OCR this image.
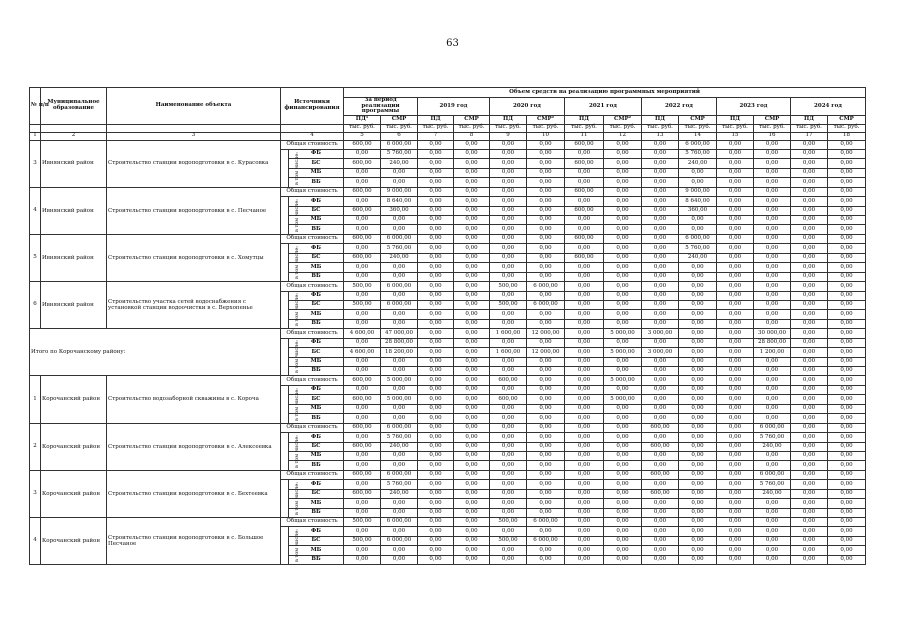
63
№ п/п	Муниципальное образование	Наименование объекта	Источники финансирования		Объем средств на реализацию программных мероприятий													
					За период реализации программы		2019 год		2020 год		2021 год		2022 год		2023 год		2024 год	
					ПД¹	СМР	ПД	СМР	ПД	СМР²	ПД	СМР²	ПД	СМР	ПД	СМР	ПД	СМР
					тыс. руб.	тыс. руб.	тыс. руб.	тыс. руб.	тыс. руб.	тыс. руб.	тыс. руб.	тыс. руб.	тыс. руб.	тыс. руб.	тыс. руб.	тыс. руб.	тыс. руб.	тыс. руб.
1	2	3	4		5	6	7	8	9	10	11	12	13	14	15	16	17	18
3	Ивнянский район	Строительство станции водоподготовки в с. Курасовка	Общая стоимость		600,00	6 000,00	0,00	0,00	0,00	0,00	600,00	0,00	0,00	6 000,00	0,00	0,00	0,00	0,00
			в том числе:	ФБ	0,00	5 760,00	0,00	0,00	0,00	0,00	0,00	0,00	0,00	5 760,00	0,00	0,00	0,00	0,00
				БС	600,00	240,00	0,00	0,00	0,00	0,00	600,00	0,00	0,00	240,00	0,00	0,00	0,00	0,00
				МБ	0,00	0,00	0,00	0,00	0,00	0,00	0,00	0,00	0,00	0,00	0,00	0,00	0,00	0,00
				ВБ	0,00	0,00	0,00	0,00	0,00	0,00	0,00	0,00	0,00	0,00	0,00	0,00	0,00	0,00
4	Ивнянский район	Строительство станции водоподготовки в с. Песчаное	Общая стоимость		600,00	9 000,00	0,00	0,00	0,00	0,00	600,00	0,00	0,00	9 000,00	0,00	0,00	0,00	0,00
			в том числе:	ФБ	0,00	8 640,00	0,00	0,00	0,00	0,00	0,00	0,00	0,00	8 640,00	0,00	0,00	0,00	0,00
				БС	600,00	360,00	0,00	0,00	0,00	0,00	600,00	0,00	0,00	360,00	0,00	0,00	0,00	0,00
				МБ	0,00	0,00	0,00	0,00	0,00	0,00	0,00	0,00	0,00	0,00	0,00	0,00	0,00	0,00
				ВБ	0,00	0,00	0,00	0,00	0,00	0,00	0,00	0,00	0,00	0,00	0,00	0,00	0,00	0,00
5	Ивнянский район	Строительство станции водоподготовки в с. Хомутцы	Общая стоимость		600,00	6 000,00	0,00	0,00	0,00	0,00	600,00	0,00	0,00	6 000,00	0,00	0,00	0,00	0,00
			в том числе:	ФБ	0,00	5 760,00	0,00	0,00	0,00	0,00	0,00	0,00	0,00	5 760,00	0,00	0,00	0,00	0,00
				БС	600,00	240,00	0,00	0,00	0,00	0,00	600,00	0,00	0,00	240,00	0,00	0,00	0,00	0,00
				МБ	0,00	0,00	0,00	0,00	0,00	0,00	0,00	0,00	0,00	0,00	0,00	0,00	0,00	0,00
				ВБ	0,00	0,00	0,00	0,00	0,00	0,00	0,00	0,00	0,00	0,00	0,00	0,00	0,00	0,00
6	Ивнянский район	Строительство участка сетей водоснабжения с установкой станции водоочистки в с. Верхопенье	Общая стоимость		500,00	6 000,00	0,00	0,00	500,00	6 000,00	0,00	0,00	0,00	0,00	0,00	0,00	0,00	0,00
			в том числе:	ФБ	0,00	0,00	0,00	0,00	0,00	0,00	0,00	0,00	0,00	0,00	0,00	0,00	0,00	0,00
				БС	500,00	6 000,00	0,00	0,00	500,00	6 000,00	0,00	0,00	0,00	0,00	0,00	0,00	0,00	0,00
				МБ	0,00	0,00	0,00	0,00	0,00	0,00	0,00	0,00	0,00	0,00	0,00	0,00	0,00	0,00
				ВБ	0,00	0,00	0,00	0,00	0,00	0,00	0,00	0,00	0,00	0,00	0,00	0,00	0,00	0,00
Итого по Корочанскому району:			Общая стоимость		4 600,00	47 000,00	0,00	0,00	1 600,00	12 000,00	0,00	5 000,00	3 000,00	0,00	0,00	30 000,00	0,00	0,00
			в том числе:	ФБ	0,00	28 800,00	0,00	0,00	0,00	0,00	0,00	0,00	0,00	0,00	0,00	28 800,00	0,00	0,00
				БС	4 600,00	18 200,00	0,00	0,00	1 600,00	12 000,00	0,00	5 000,00	3 000,00	0,00	0,00	1 200,00	0,00	0,00
				МБ	0,00	0,00	0,00	0,00	0,00	0,00	0,00	0,00	0,00	0,00	0,00	0,00	0,00	0,00
				ВБ	0,00	0,00	0,00	0,00	0,00	0,00	0,00	0,00	0,00	0,00	0,00	0,00	0,00	0,00
1	Корочанский район	Строительство водозаборной скважины в с. Короча	Общая стоимость		600,00	5 000,00	0,00	0,00	600,00	0,00	0,00	5 000,00	0,00	0,00	0,00	0,00	0,00	0,00
			в том числе:	ФБ	0,00	0,00	0,00	0,00	0,00	0,00	0,00	0,00	0,00	0,00	0,00	0,00	0,00	0,00
				БС	600,00	5 000,00	0,00	0,00	600,00	0,00	0,00	5 000,00	0,00	0,00	0,00	0,00	0,00	0,00
				МБ	0,00	0,00	0,00	0,00	0,00	0,00	0,00	0,00	0,00	0,00	0,00	0,00	0,00	0,00
				ВБ	0,00	0,00	0,00	0,00	0,00	0,00	0,00	0,00	0,00	0,00	0,00	0,00	0,00	0,00
2	Корочанский район	Строительство станции водоподготовки в с. Алексеевка	Общая стоимость		600,00	6 000,00	0,00	0,00	0,00	0,00	0,00	0,00	600,00	0,00	0,00	6 000,00	0,00	0,00
			в том числе:	ФБ	0,00	5 760,00	0,00	0,00	0,00	0,00	0,00	0,00	0,00	0,00	0,00	5 760,00	0,00	0,00
				БС	600,00	240,00	0,00	0,00	0,00	0,00	0,00	0,00	600,00	0,00	0,00	240,00	0,00	0,00
				МБ	0,00	0,00	0,00	0,00	0,00	0,00	0,00	0,00	0,00	0,00	0,00	0,00	0,00	0,00
				ВБ	0,00	0,00	0,00	0,00	0,00	0,00	0,00	0,00	0,00	0,00	0,00	0,00	0,00	0,00
3	Корочанский район	Строительство станции водоподготовки в с. Бехтеевка	Общая стоимость		600,00	6 000,00	0,00	0,00	0,00	0,00	0,00	0,00	600,00	0,00	0,00	6 000,00	0,00	0,00
			в том числе:	ФБ	0,00	5 760,00	0,00	0,00	0,00	0,00	0,00	0,00	0,00	0,00	0,00	5 760,00	0,00	0,00
				БС	600,00	240,00	0,00	0,00	0,00	0,00	0,00	0,00	600,00	0,00	0,00	240,00	0,00	0,00
				МБ	0,00	0,00	0,00	0,00	0,00	0,00	0,00	0,00	0,00	0,00	0,00	0,00	0,00	0,00
				ВБ	0,00	0,00	0,00	0,00	0,00	0,00	0,00	0,00	0,00	0,00	0,00	0,00	0,00	0,00
4	Корочанский район	Строительство станции водоподготовки в с. Большое Песчаное	Общая стоимость		500,00	6 000,00	0,00	0,00	500,00	6 000,00	0,00	0,00	0,00	0,00	0,00	0,00	0,00	0,00
			в том числе:	ФБ	0,00	0,00	0,00	0,00	0,00	0,00	0,00	0,00	0,00	0,00	0,00	0,00	0,00	0,00
				БС	500,00	6 000,00	0,00	0,00	500,00	6 000,00	0,00	0,00	0,00	0,00	0,00	0,00	0,00	0,00
				МБ	0,00	0,00	0,00	0,00	0,00	0,00	0,00	0,00	0,00	0,00	0,00	0,00	0,00	0,00
				ВБ	0,00	0,00	0,00	0,00	0,00	0,00	0,00	0,00	0,00	0,00	0,00	0,00	0,00	0,00
